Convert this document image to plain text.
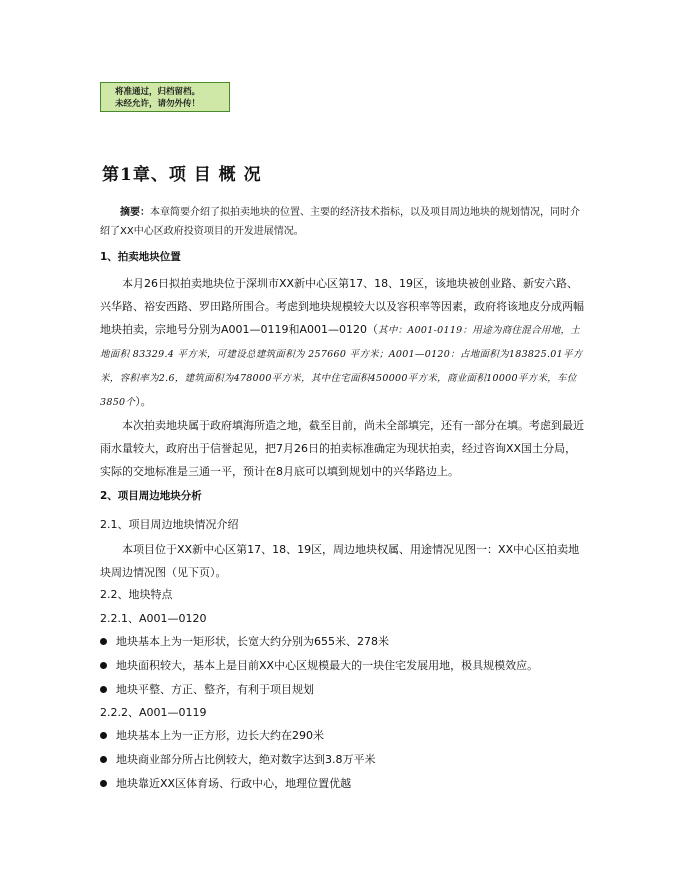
将准通过，归档留档。
未经允许，请勿外传！
第1章、项 目 概 况

摘要：本章简要介绍了拟拍卖地块的位置、主要的经济技术指标，以及项目周边地块的规划情况，同时介绍了XX中心区政府投资项目的开发进展情况。

1、拍卖地块位置

本月26日拟拍卖地块位于深圳市XX新中心区第17、18、19区，该地块被创业路、新安六路、兴华路、裕安西路、罗田路所围合。考虑到地块规模较大以及容积率等因素，政府将该地皮分成两幅地块拍卖，宗地号分别为A001—0119和A001—0120（其中：A001-0119：用途为商住混合用地，土地面积 83329.4 平方米，可建设总建筑面积为 257660 平方米；A001—0120：占地面积为183825.01平方米，容积率为2.6，建筑面积为478000平方米，其中住宅面积450000平方米，商业面积10000平方米，车位3850个）。

本次拍卖地块属于政府填海所造之地，截至目前，尚未全部填完，还有一部分在填。考虑到最近雨水量较大，政府出于信誉起见，把7月26日的拍卖标准确定为现状拍卖，经过咨询XX国土分局，实际的交地标准是三通一平，预计在8月底可以填到规划中的兴华路边上。

2、项目周边地块分析
2.1、项目周边地块情况介绍

本项目位于XX新中心区第17、18、19区，周边地块权属、用途情况见图一：XX中心区拍卖地块周边情况图（见下页）。

2.2、地块特点
2.2.1、A001—0120
地块基本上为一矩形状，长宽大约分别为655米、278米
地块面积较大，基本上是目前XX中心区规模最大的一块住宅发展用地，极具规模效应。
地块平整、方正、整齐，有利于项目规划
2.2.2、A001—0119
地块基本上为一正方形，边长大约在290米
地块商业部分所占比例较大，绝对数字达到3.8万平米
地块靠近XX区体育场、行政中心，地理位置优越
